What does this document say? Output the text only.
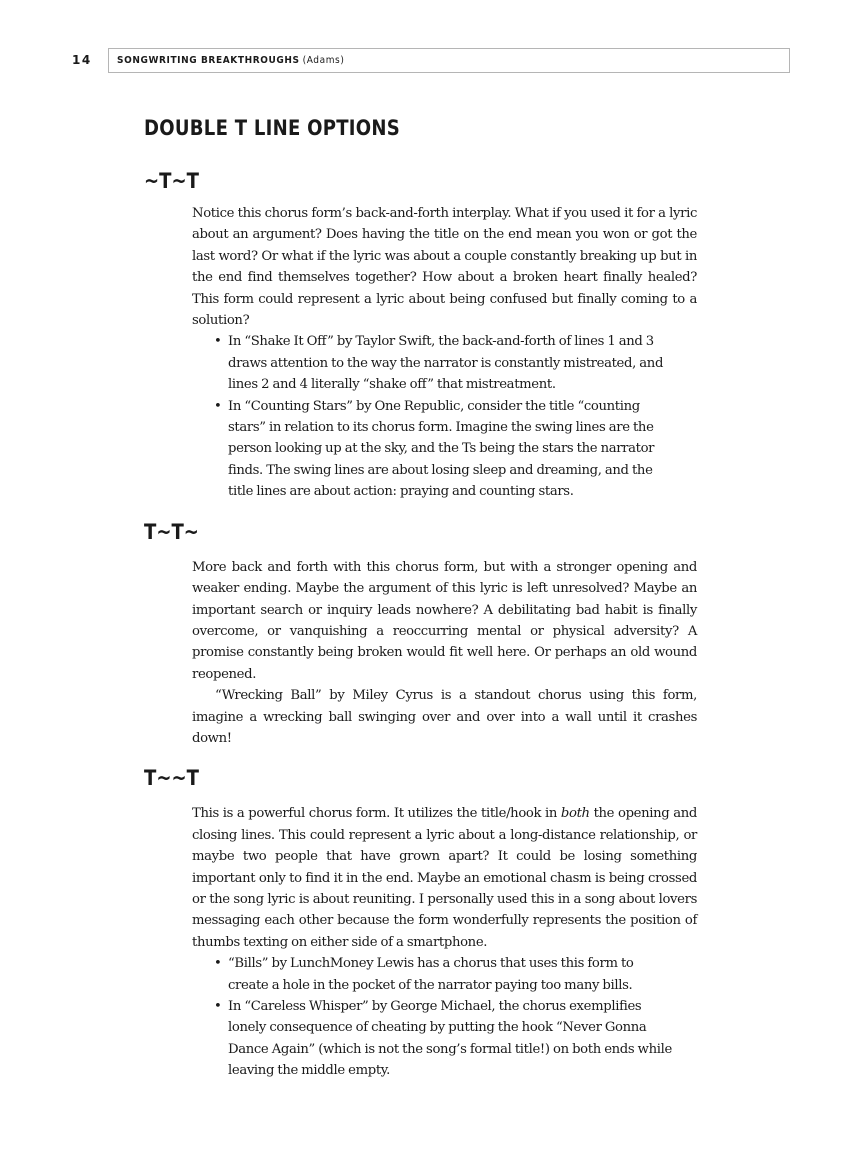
14	SONGWRITING BREAKTHROUGHS (Adams)
DOUBLE T LINE OPTIONS
~T~T

Notice this chorus form’s back-and-forth interplay. What if you used it for a lyric about an argument? Does having the title on the end mean you won or got the last word? Or what if the lyric was about a couple constantly breaking up but in the end find themselves together? How about a broken heart finally healed? This form could represent a lyric about being confused but finally coming to a solution?

• In “Shake It Off” by Taylor Swift, the back-and-forth of lines 1 and 3 draws attention to the way the narrator is constantly mistreated, and lines 2 and 4 literally “shake off” that mistreatment.
• In “Counting Stars” by One Republic, consider the title “counting stars” in relation to its chorus form. Imagine the swing lines are the person looking up at the sky, and the Ts being the stars the narrator finds. The swing lines are about losing sleep and dreaming, and the title lines are about action: praying and counting stars.
T~T~

More back and forth with this chorus form, but with a stronger opening and weaker ending. Maybe the argument of this lyric is left unresolved? Maybe an important search or inquiry leads nowhere? A debilitating bad habit is finally overcome, or vanquishing a reoccurring mental or physical adversity? A promise constantly being broken would fit well here. Or perhaps an old wound reopened.

“Wrecking Ball” by Miley Cyrus is a standout chorus using this form, imagine a wrecking ball swinging over and over into a wall until it crashes down!

T~~T

This is a powerful chorus form. It utilizes the title/hook in both the opening and closing lines. This could represent a lyric about a long-distance relationship, or maybe two people that have grown apart? It could be losing something important only to find it in the end. Maybe an emotional chasm is being crossed or the song lyric is about reuniting. I personally used this in a song about lovers messaging each other because the form wonderfully represents the position of thumbs texting on either side of a smartphone.

• “Bills” by LunchMoney Lewis has a chorus that uses this form to create a hole in the pocket of the narrator paying too many bills.
• In “Careless Whisper” by George Michael, the chorus exemplifies lonely consequence of cheating by putting the hook “Never Gonna Dance Again” (which is not the song’s formal title!) on both ends while leaving the middle empty.
